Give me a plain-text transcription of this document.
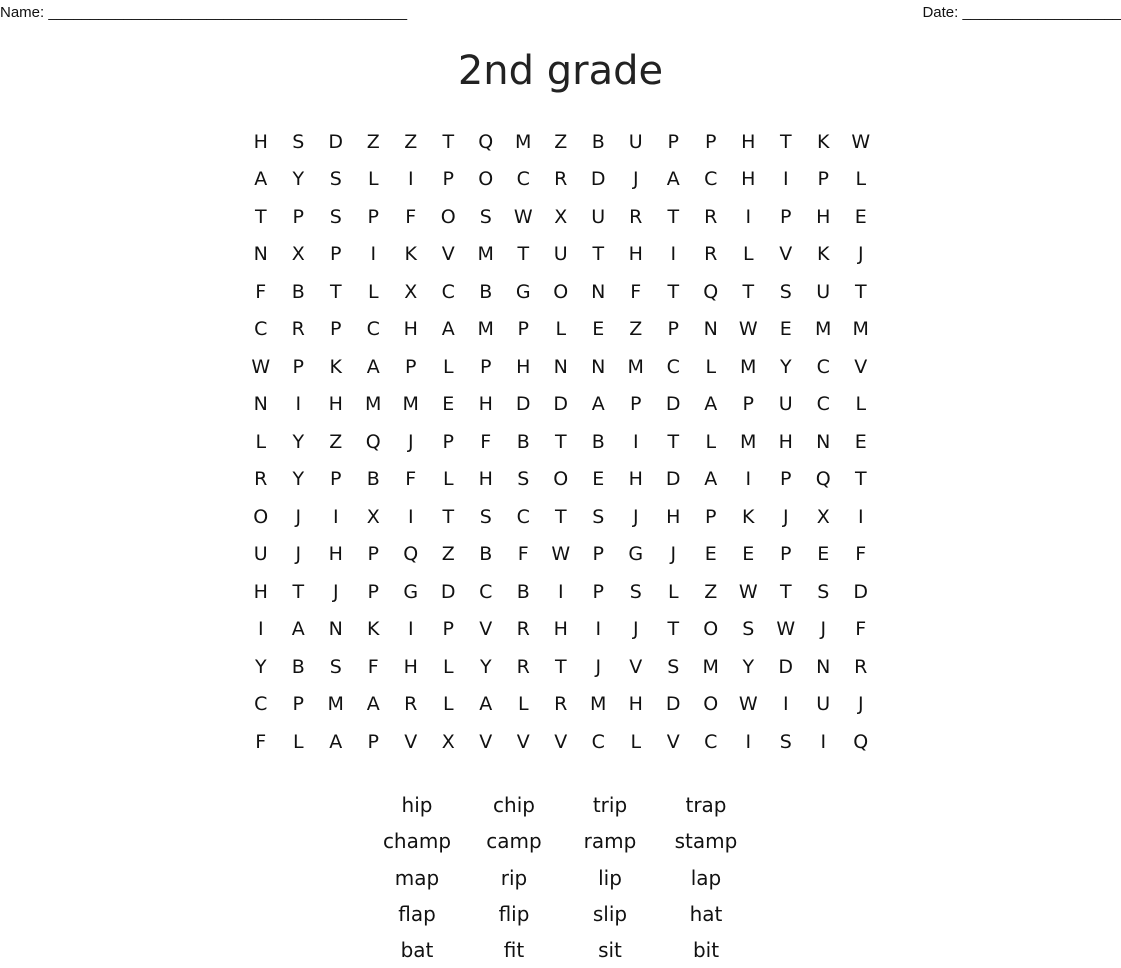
Name: ___________________________________________	Date: ___________________
2nd grade
H	S	D	Z	Z	T	Q	M	Z	B	U	P	P	H	T	K	W
A	Y	S	L	I	P	O	C	R	D	J	A	C	H	I	P	L
T	P	S	P	F	O	S	W	X	U	R	T	R	I	P	H	E
N	X	P	I	K	V	M	T	U	T	H	I	R	L	V	K	J
F	B	T	L	X	C	B	G	O	N	F	T	Q	T	S	U	T
C	R	P	C	H	A	M	P	L	E	Z	P	N	W	E	M	M
W	P	K	A	P	L	P	H	N	N	M	C	L	M	Y	C	V
N	I	H	M	M	E	H	D	D	A	P	D	A	P	U	C	L
L	Y	Z	Q	J	P	F	B	T	B	I	T	L	M	H	N	E
R	Y	P	B	F	L	H	S	O	E	H	D	A	I	P	Q	T
O	J	I	X	I	T	S	C	T	S	J	H	P	K	J	X	I
U	J	H	P	Q	Z	B	F	W	P	G	J	E	E	P	E	F
H	T	J	P	G	D	C	B	I	P	S	L	Z	W	T	S	D
I	A	N	K	I	P	V	R	H	I	J	T	O	S	W	J	F
Y	B	S	F	H	L	Y	R	T	J	V	S	M	Y	D	N	R
C	P	M	A	R	L	A	L	R	M	H	D	O	W	I	U	J
F	L	A	P	V	X	V	V	V	C	L	V	C	I	S	I	Q
hip	chip	trip	trap
champ	camp	ramp	stamp
map	rip	lip	lap
flap	flip	slip	hat
bat	fit	sit	bit
